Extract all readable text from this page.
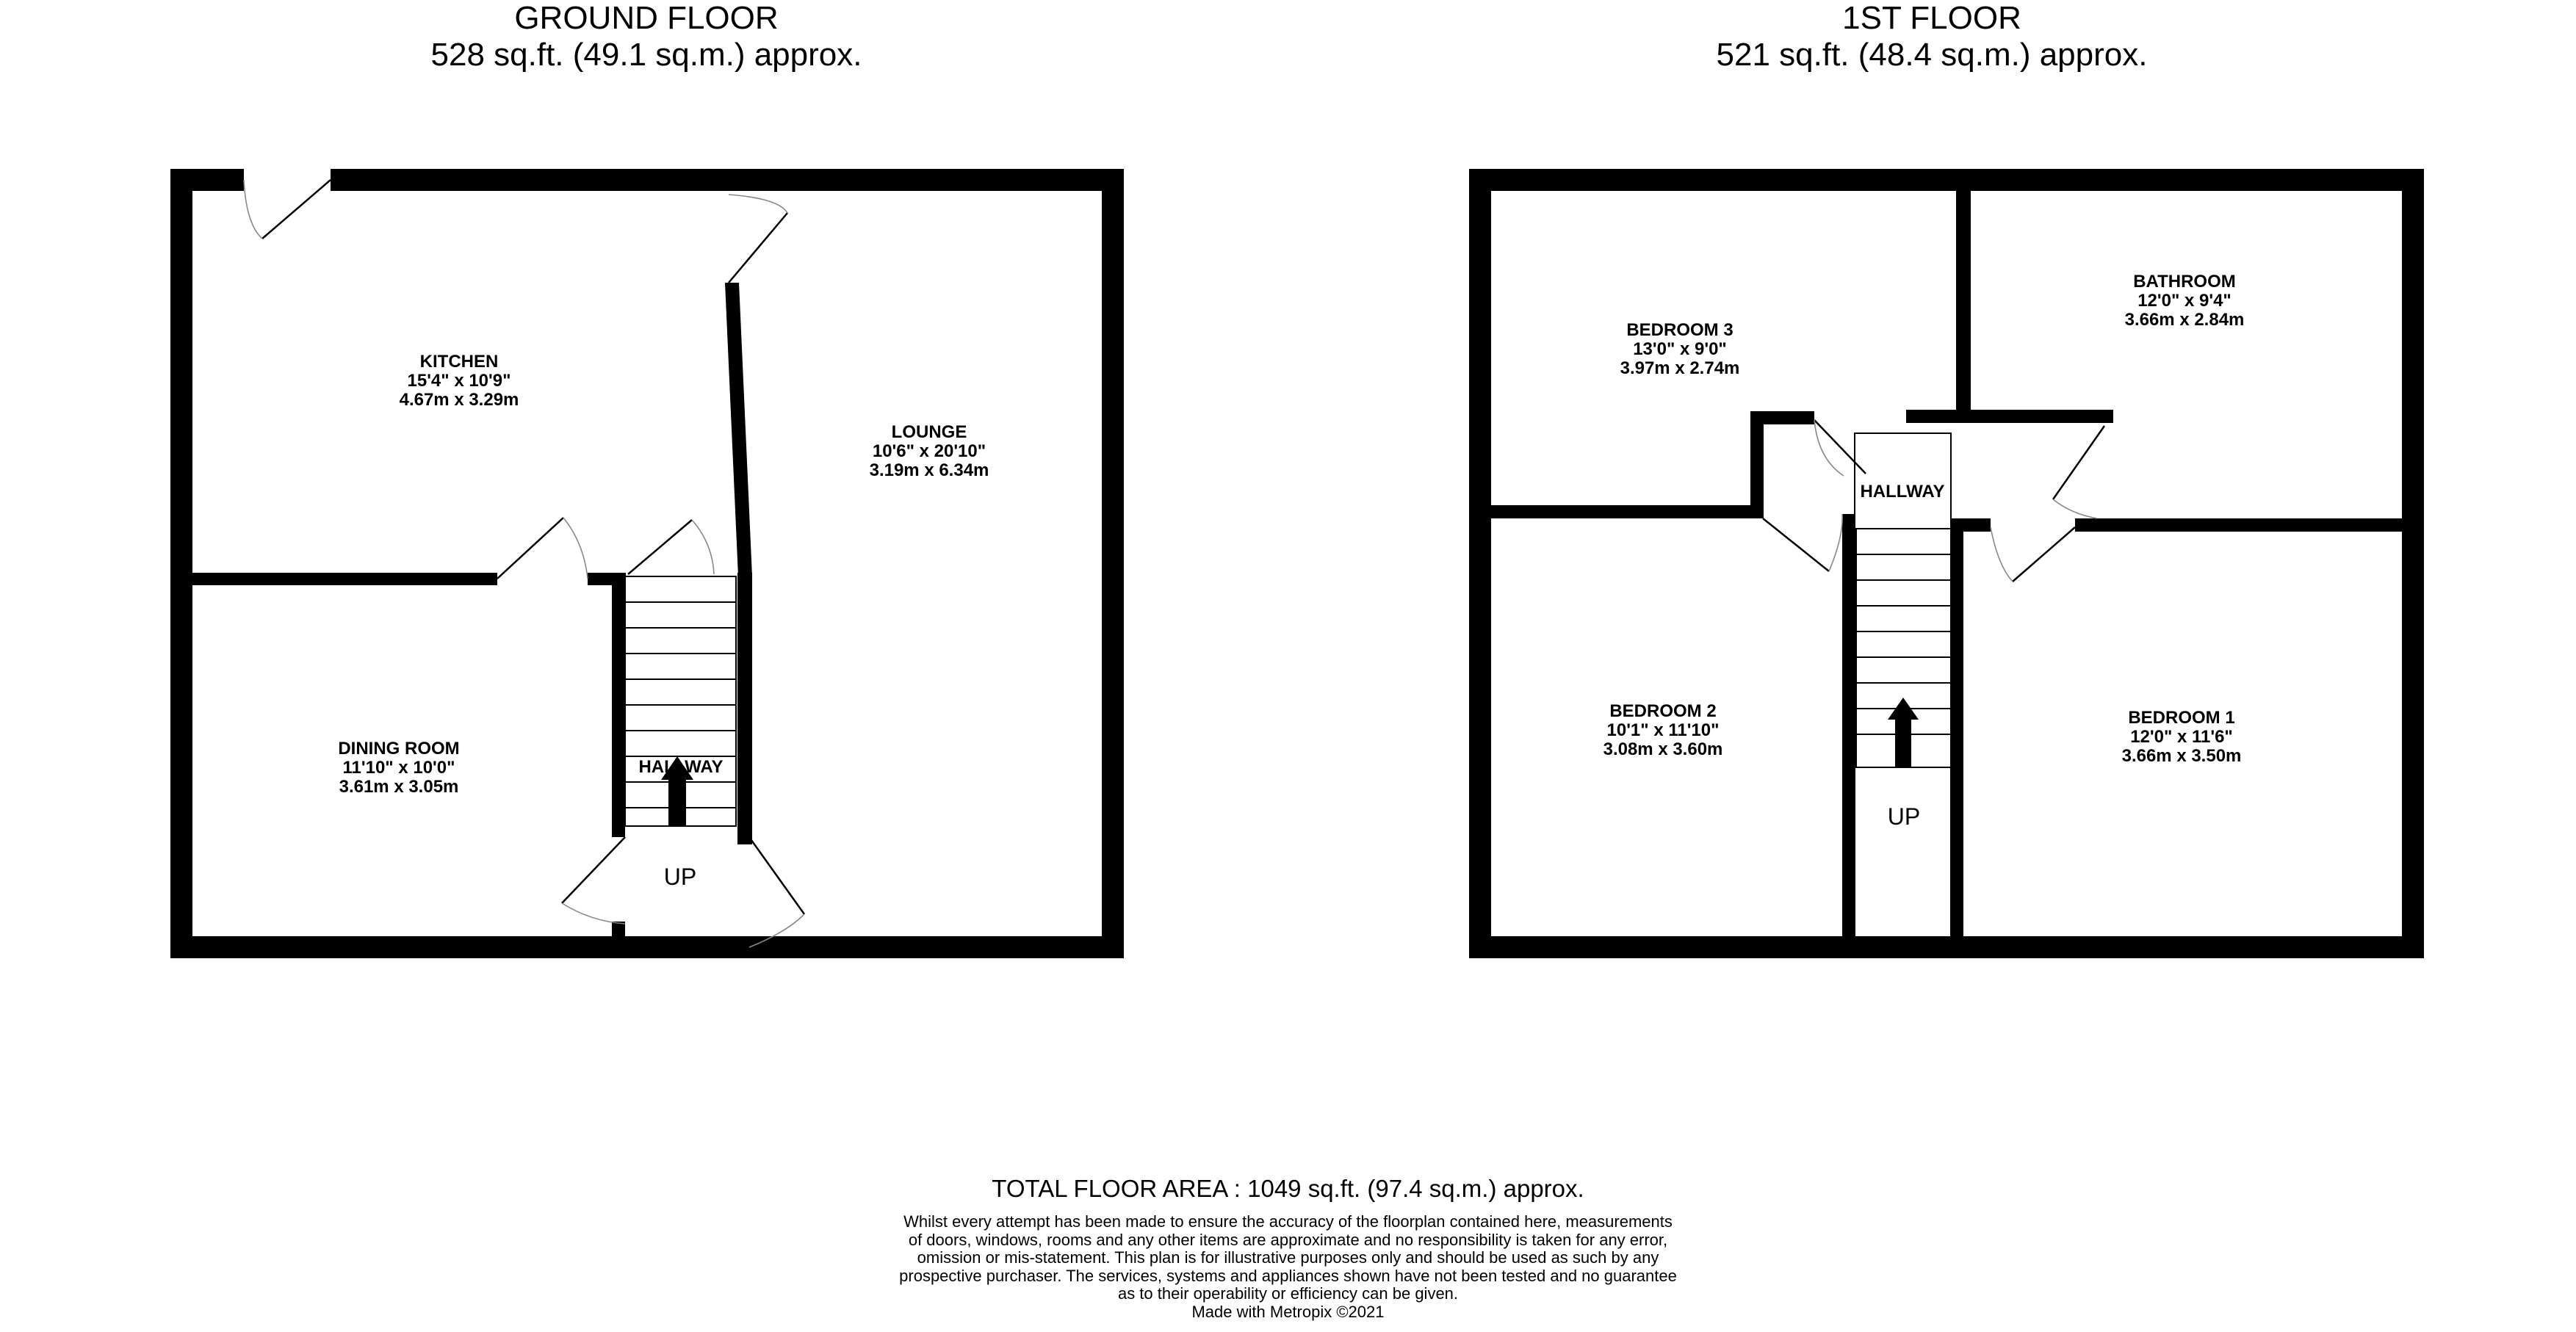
GROUND FLOOR
528 sq.ft. (49.1 sq.m.) approx.
1ST FLOOR
521 sq.ft. (48.4 sq.m.) approx.
KITCHEN
15'4" x 10'9"
4.67m x 3.29m
LOUNGE
10'6" x 20'10"
3.19m x 6.34m
DINING ROOM
11'10" x 10'0"
3.61m x 3.05m
HALLWAY
UP
BEDROOM 3
13'0" x 9'0"
3.97m x 2.74m
BATHROOM
12'0" x 9'4"
3.66m x 2.84m
HALLWAY
BEDROOM 2
10'1" x 11'10"
3.08m x 3.60m
BEDROOM 1
12'0" x 11'6"
3.66m x 3.50m
UP
TOTAL FLOOR AREA : 1049 sq.ft. (97.4 sq.m.) approx.
Whilst every attempt has been made to ensure the accuracy of the floorplan contained here, measurements
of doors, windows, rooms and any other items are approximate and no responsibility is taken for any error,
omission or mis-statement. This plan is for illustrative purposes only and should be used as such by any
prospective purchaser. The services, systems and appliances shown have not been tested and no guarantee
as to their operability or efficiency can be given.
Made with Metropix ©2021
